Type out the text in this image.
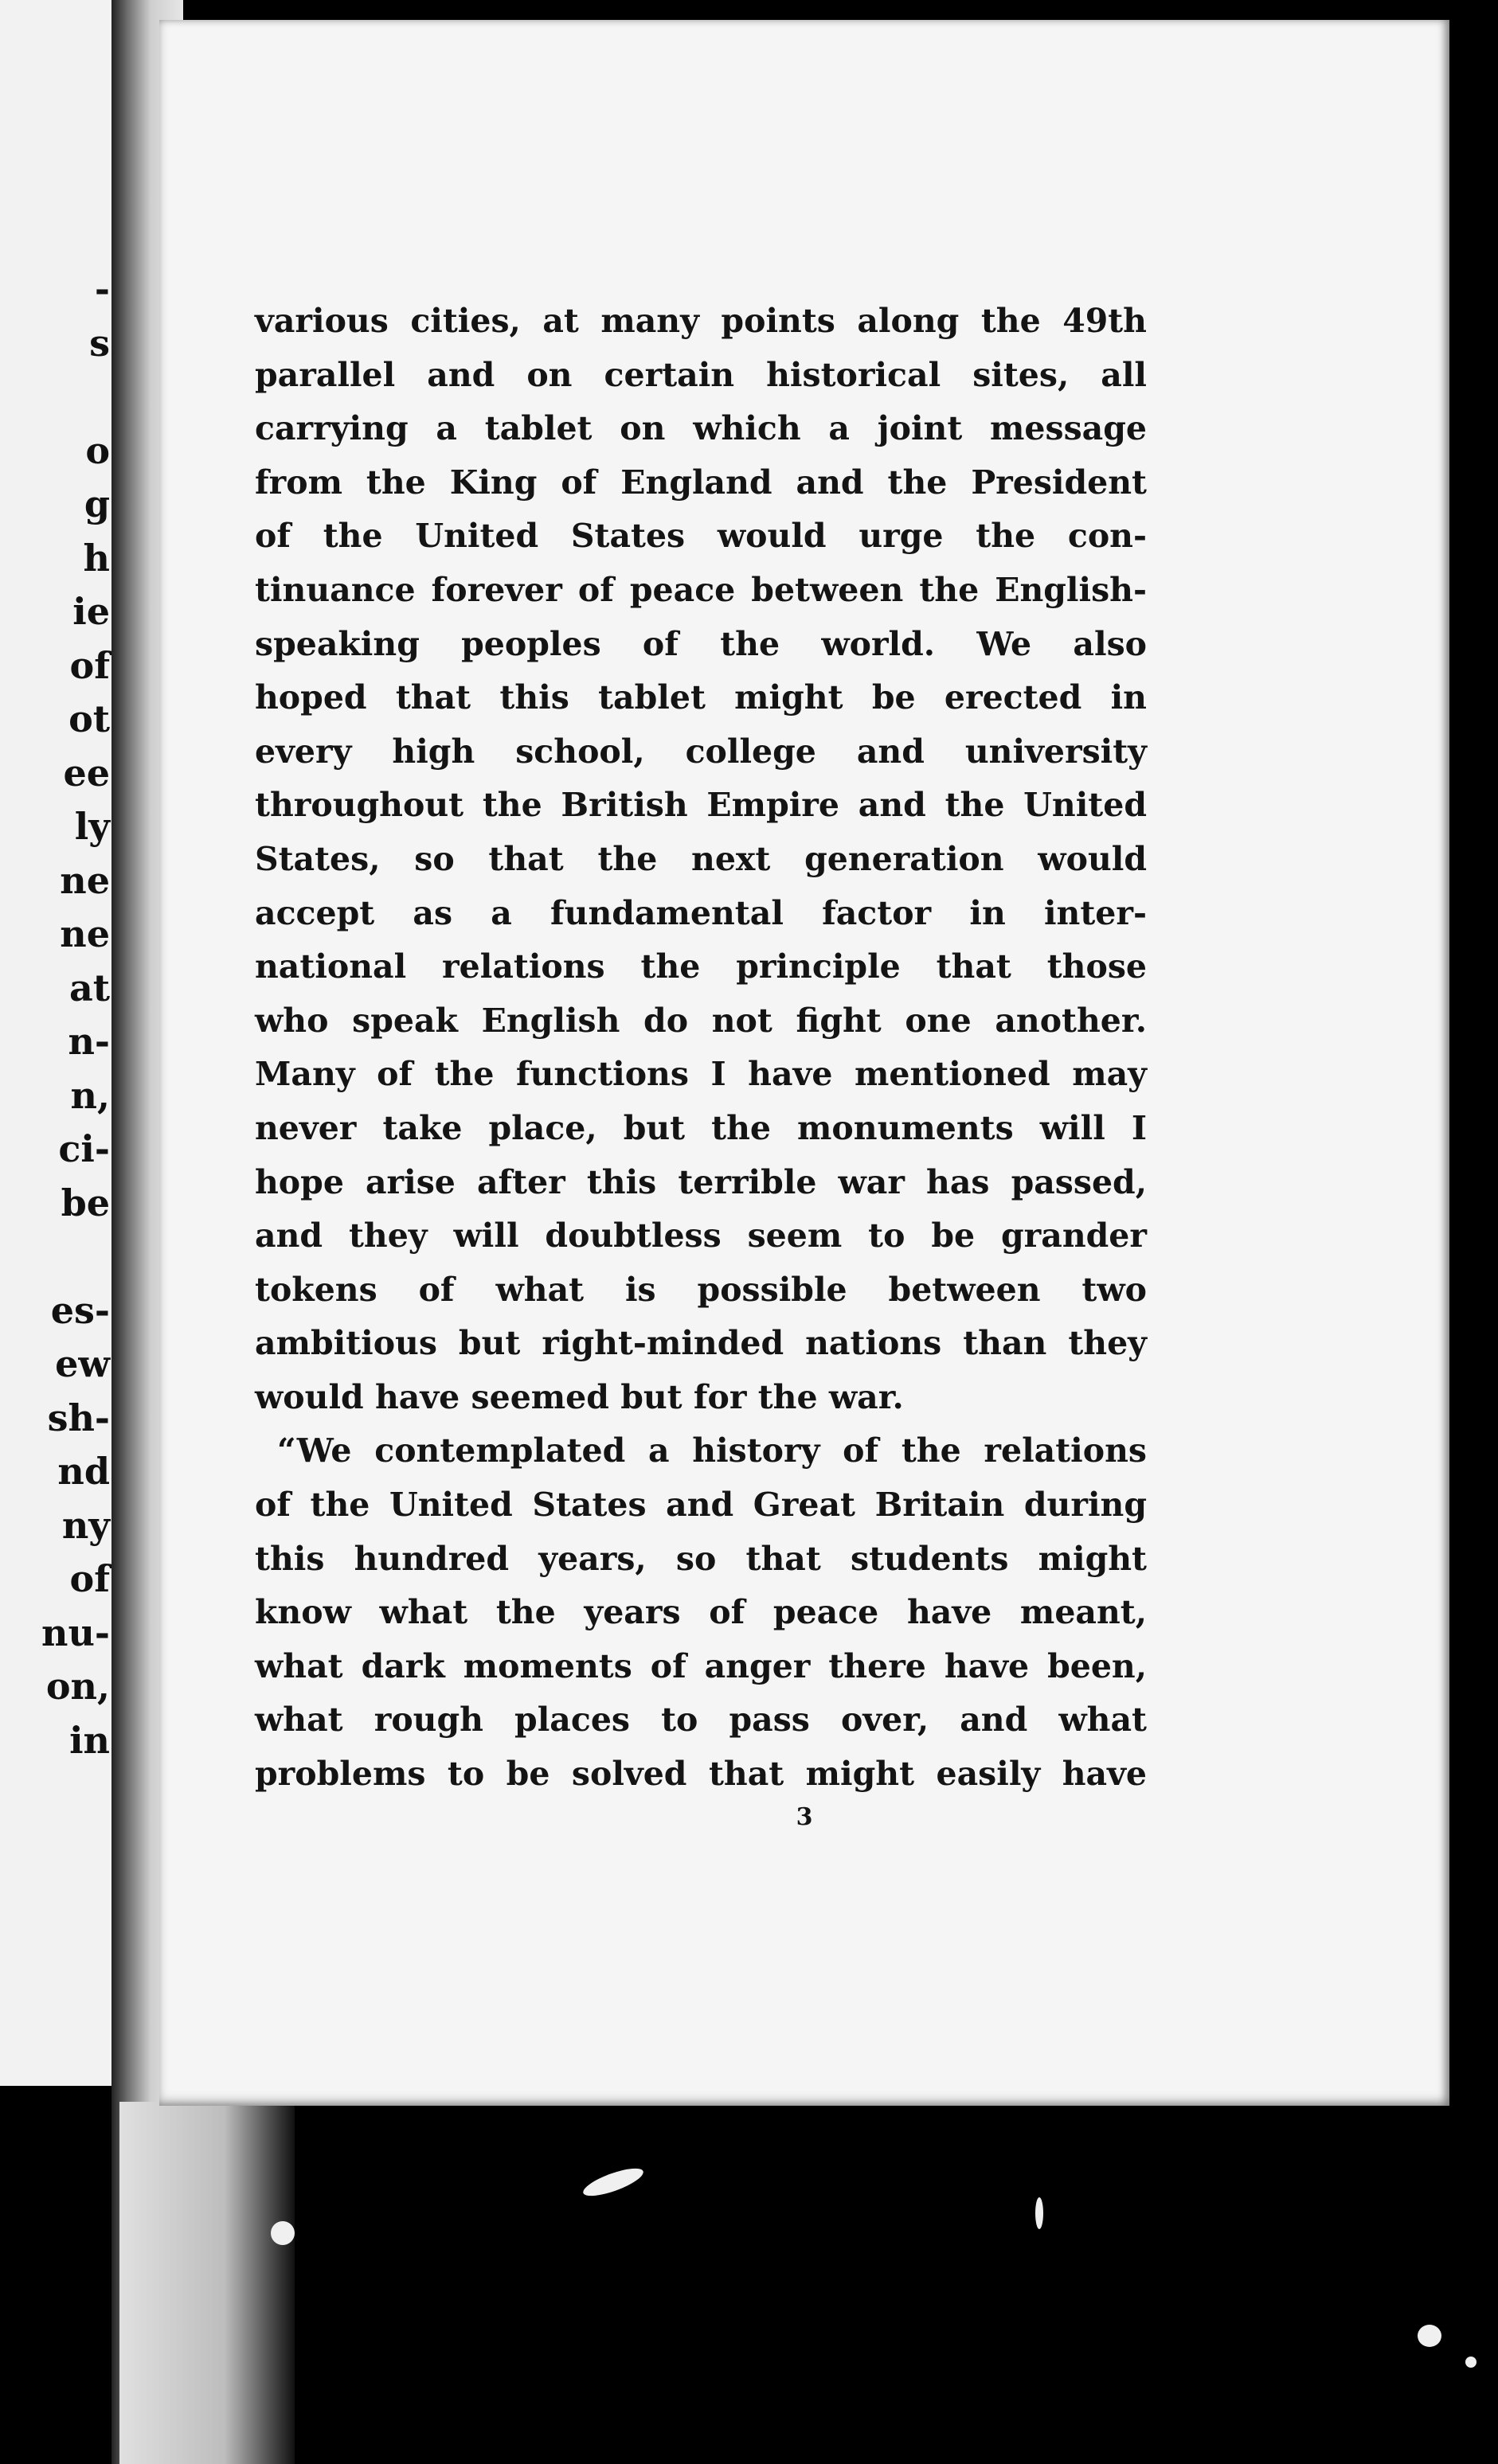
-
s
o
g
h
ie
of
ot
ee
ly
ne
ne
at
n-
n,
ci-
be
es-
ew
sh-
nd
ny
of
nu-
on,
in
various cities, at many points along the 49th
parallel and on certain historical sites, all
carrying a tablet on which a joint message
from the King of England and the President
of the United States would urge the con-
tinuance forever of peace between the English-
speaking peoples of the world. We also
hoped that this tablet might be erected in
every high school, college and university
throughout the British Empire and the United
States, so that the next generation would
accept as a fundamental factor in inter-
national relations the principle that those
who speak English do not fight one another.
Many of the functions I have mentioned may
never take place, but the monuments will I
hope arise after this terrible war has passed,
and they will doubtless seem to be grander
tokens of what is possible between two
ambitious but right-minded nations than they
would have seemed but for the war.
“We contemplated a history of the relations
of the United States and Great Britain during
this hundred years, so that students might
know what the years of peace have meant,
what dark moments of anger there have been,
what rough places to pass over, and what
problems to be solved that might easily have
3
